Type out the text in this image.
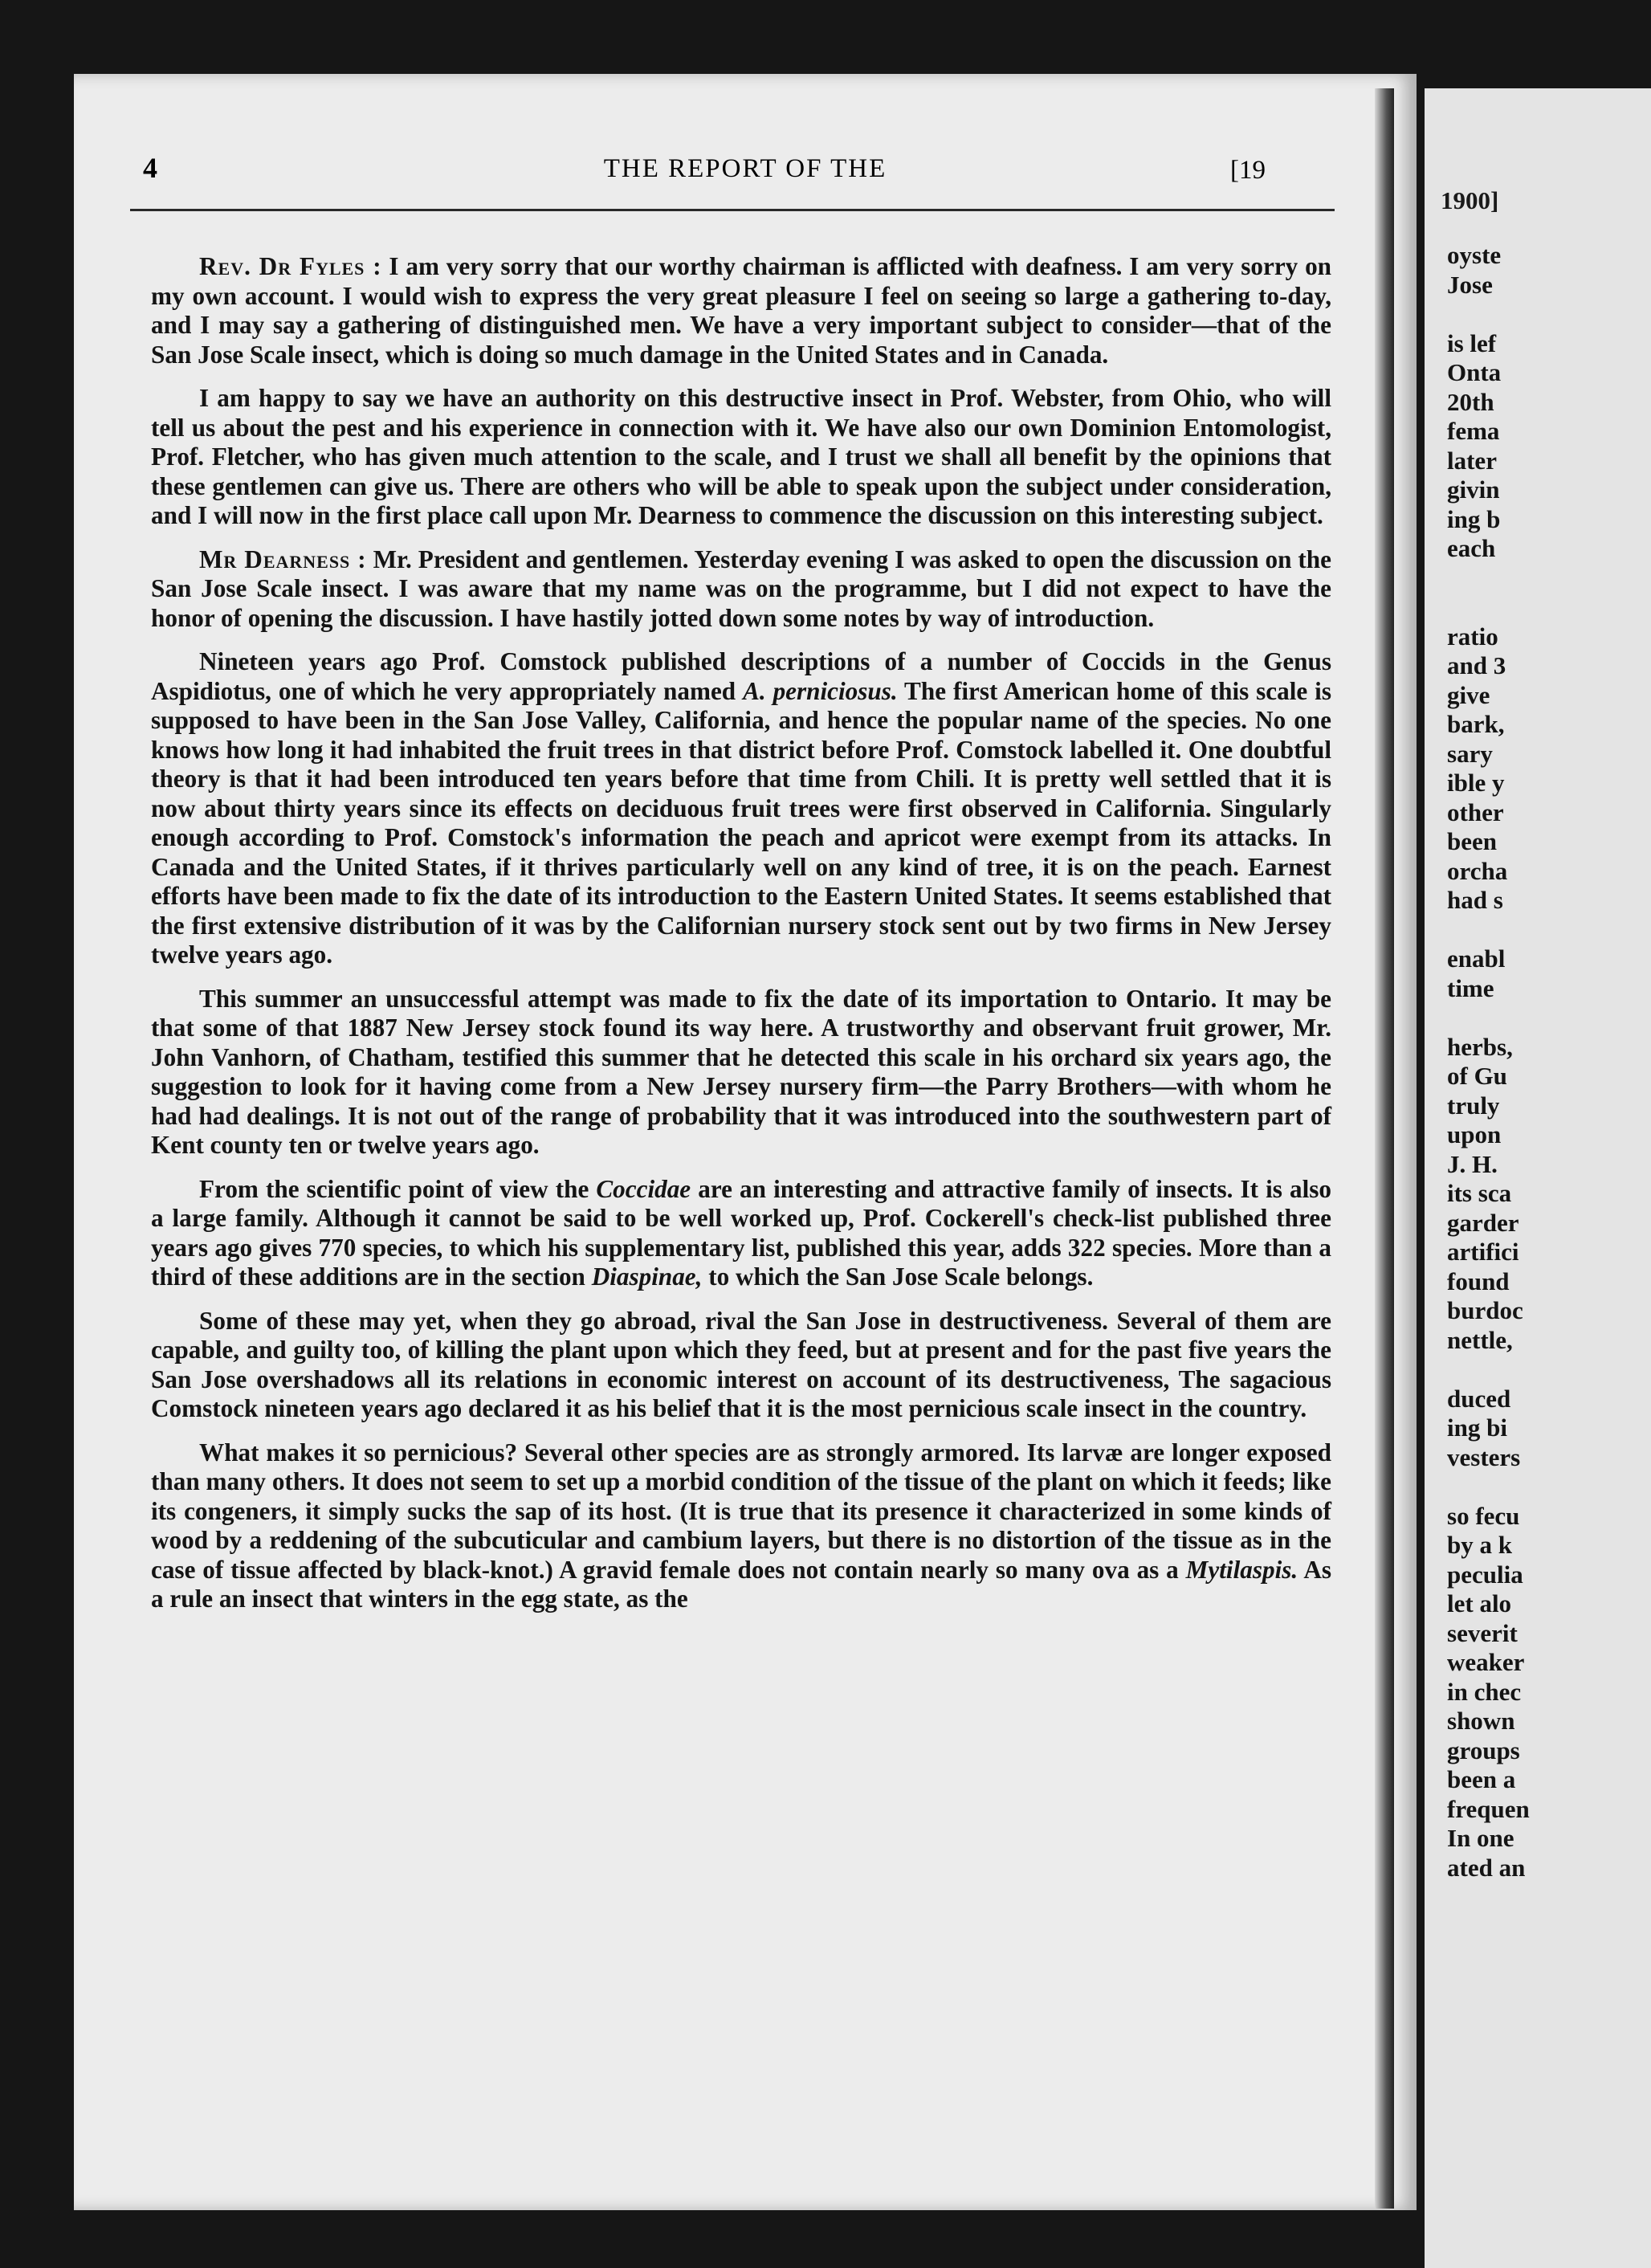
4	THE REPORT OF THE	[19

Rev. Dr Fyles : I am very sorry that our worthy chairman is afflicted with deafness. I am very sorry on my own account. I would wish to express the very great pleasure I feel on seeing so large a gathering to-day, and I may say a gathering of distinguished men. We have a very important subject to consider—that of the San Jose Scale insect, which is doing so much damage in the United States and in Canada.

I am happy to say we have an authority on this destructive insect in Prof. Webster, from Ohio, who will tell us about the pest and his experience in connection with it. We have also our own Dominion Entomologist, Prof. Fletcher, who has given much attention to the scale, and I trust we shall all benefit by the opinions that these gentlemen can give us. There are others who will be able to speak upon the subject under consideration, and I will now in the first place call upon Mr. Dearness to commence the discussion on this interesting subject.

Mr Dearness : Mr. President and gentlemen. Yesterday evening I was asked to open the discussion on the San Jose Scale insect. I was aware that my name was on the programme, but I did not expect to have the honor of opening the discussion. I have hastily jotted down some notes by way of introduction.

Nineteen years ago Prof. Comstock published descriptions of a number of Coccids in the Genus Aspidiotus, one of which he very appropriately named A. perniciosus. The first American home of this scale is supposed to have been in the San Jose Valley, California, and hence the popular name of the species. No one knows how long it had inhabited the fruit trees in that district before Prof. Comstock labelled it. One doubtful theory is that it had been introduced ten years before that time from Chili. It is pretty well settled that it is now about thirty years since its effects on deciduous fruit trees were first observed in California. Singularly enough according to Prof. Comstock's information the peach and apricot were exempt from its attacks. In Canada and the United States, if it thrives particularly well on any kind of tree, it is on the peach. Earnest efforts have been made to fix the date of its introduction to the Eastern United States. It seems established that the first extensive distribution of it was by the Californian nursery stock sent out by two firms in New Jersey twelve years ago.

This summer an unsuccessful attempt was made to fix the date of its importation to Ontario. It may be that some of that 1887 New Jersey stock found its way here. A trustworthy and observant fruit grower, Mr. John Vanhorn, of Chatham, testified this summer that he detected this scale in his orchard six years ago, the suggestion to look for it having come from a New Jersey nursery firm—the Parry Brothers—with whom he had had dealings. It is not out of the range of probability that it was introduced into the southwestern part of Kent county ten or twelve years ago.

From the scientific point of view the Coccidae are an interesting and attractive family of insects. It is also a large family. Although it cannot be said to be well worked up, Prof. Cockerell's check-list published three years ago gives 770 species, to which his supplementary list, published this year, adds 322 species. More than a third of these additions are in the section Diaspinae, to which the San Jose Scale belongs.

Some of these may yet, when they go abroad, rival the San Jose in destructiveness. Several of them are capable, and guilty too, of killing the plant upon which they feed, but at present and for the past five years the San Jose overshadows all its relations in economic interest on account of its destructiveness, The sagacious Comstock nineteen years ago declared it as his belief that it is the most pernicious scale insect in the country.

What makes it so pernicious? Several other species are as strongly armored. Its larvæ are longer exposed than many others. It does not seem to set up a morbid condition of the tissue of the plant on which it feeds; like its congeners, it simply sucks the sap of its host. (It is true that its presence it characterized in some kinds of wood by a reddening of the subcuticular and cambium layers, but there is no distortion of the tissue as in the case of tissue affected by black-knot.) A gravid female does not contain nearly so many ova as a Mytilaspis. As a rule an insect that winters in the egg state, as the

1900]
oyste
Jose
is lef
Onta
20th
fema
later
givin
ing b
each
ratio
and 3
give
bark,
sary
ible y
other
been
orcha
had s
enabl
time
herbs,
of Gu
truly
upon
J. H.
its sca
garder
artifici
found
burdoc
nettle,
duced
ing bi
vesters
so fecu
by a k
peculia
let alo
severit
weaker
in chec
shown
groups
been a
frequen
In one
ated an
